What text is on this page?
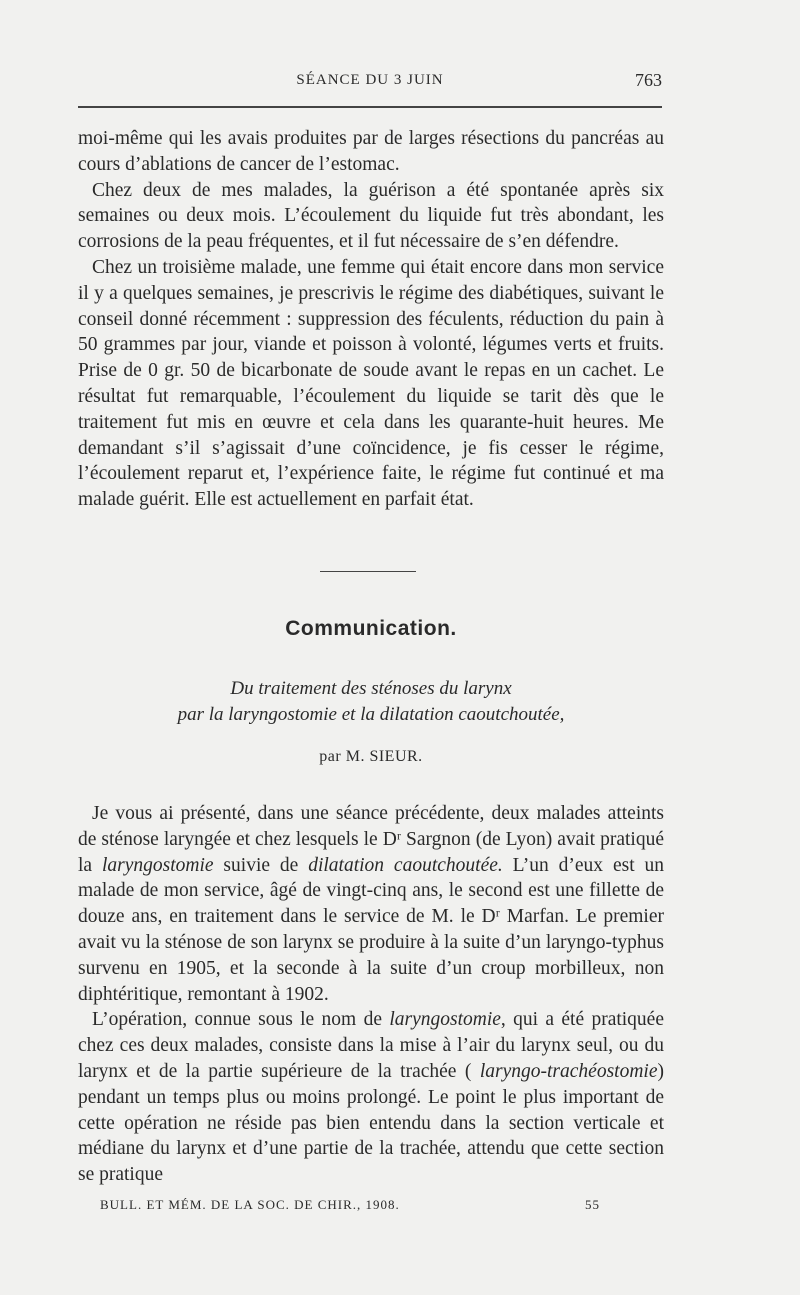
SÉANCE DU 3 JUIN	763

moi-même qui les avais produites par de larges résections du pancréas au cours d’ablations de cancer de l’estomac.

Chez deux de mes malades, la guérison a été spontanée après six semaines ou deux mois. L’écoulement du liquide fut très abondant, les corrosions de la peau fréquentes, et il fut nécessaire de s’en défendre.

Chez un troisième malade, une femme qui était encore dans mon service il y a quelques semaines, je prescrivis le régime des diabétiques, suivant le conseil donné récemment : suppression des féculents, réduction du pain à 50 grammes par jour, viande et poisson à volonté, légumes verts et fruits. Prise de 0 gr. 50 de bicarbonate de soude avant le repas en un cachet. Le résultat fut remarquable, l’écoulement du liquide se tarit dès que le traitement fut mis en œuvre et cela dans les quarante-huit heures. Me demandant s’il s’agissait d’une coïncidence, je fis cesser le régime, l’écoulement reparut et, l’expérience faite, le régime fut continué et ma malade guérit. Elle est actuellement en parfait état.

Communication.
Du traitement des sténoses du larynx
par la laryngostomie et la dilatation caoutchoutée,
par M. SIEUR.

Je vous ai présenté, dans une séance précédente, deux malades atteints de sténose laryngée et chez lesquels le Dʳ Sargnon (de Lyon) avait pratiqué la laryngostomie suivie de dilatation caoutchoutée. L’un d’eux est un malade de mon service, âgé de vingt-cinq ans, le second est une fillette de douze ans, en traitement dans le service de M. le Dʳ Marfan. Le premier avait vu la sténose de son larynx se produire à la suite d’un laryngo-typhus survenu en 1905, et la seconde à la suite d’un croup morbilleux, non diphtéritique, remontant à 1902.

L’opération, connue sous le nom de laryngostomie, qui a été pratiquée chez ces deux malades, consiste dans la mise à l’air du larynx seul, ou du larynx et de la partie supérieure de la trachée ( laryngo-trachéostomie) pendant un temps plus ou moins prolongé. Le point le plus important de cette opération ne réside pas bien entendu dans la section verticale et médiane du larynx et d’une partie de la trachée, attendu que cette section se pratique

BULL. ET MÉM. DE LA SOC. DE CHIR., 1908.	55
